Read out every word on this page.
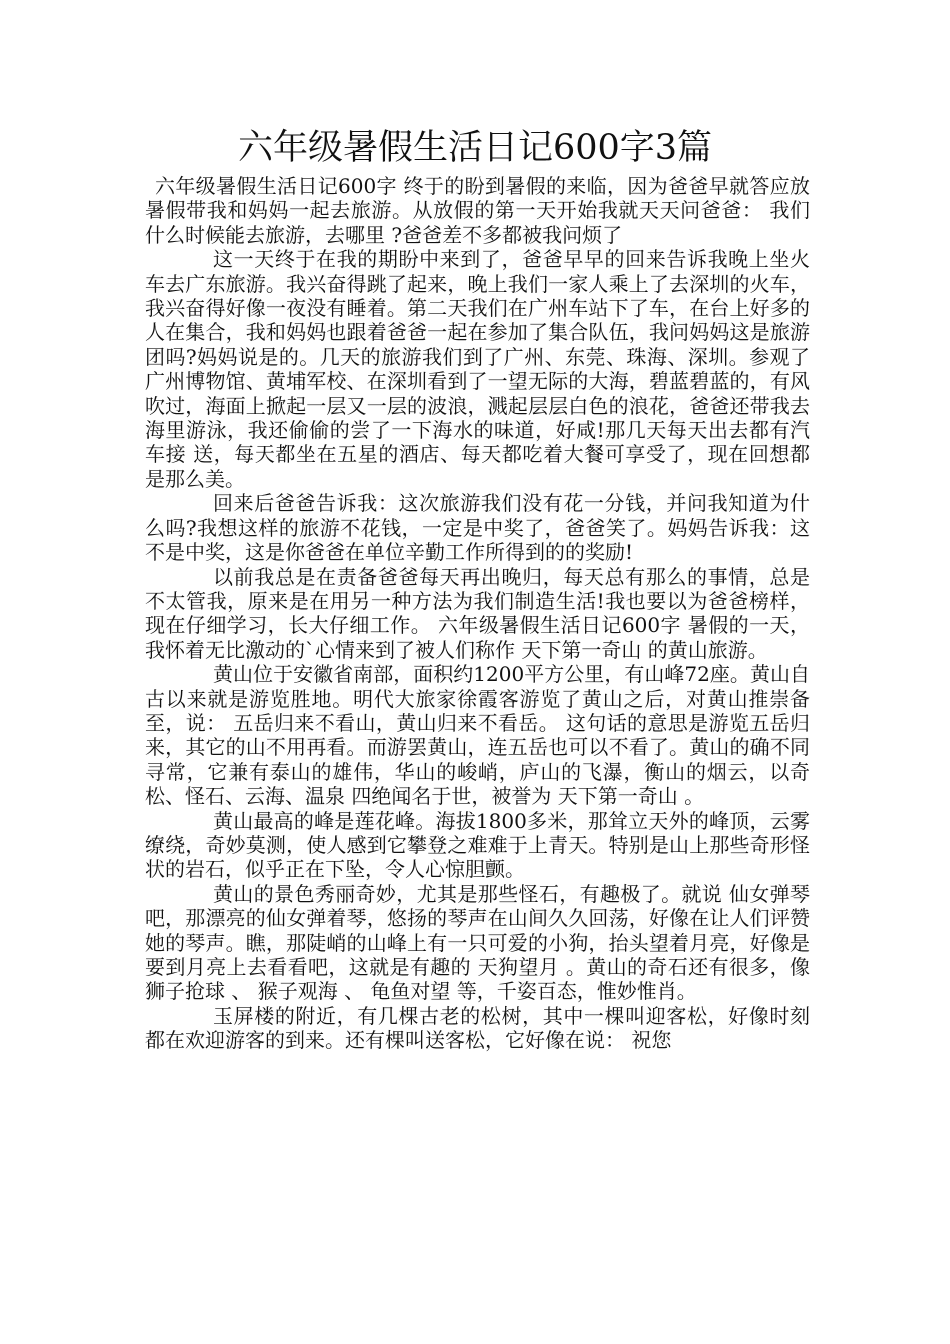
六年级暑假生活日记600字3篇

六年级暑假生活日记600字 终于的盼到暑假的来临，因为爸爸早就答应放暑假带我和妈妈一起去旅游。从放假的第一天开始我就天天问爸爸： 我们什么时候能去旅游，去哪里 ?爸爸差不多都被我问烦了

这一天终于在我的期盼中来到了，爸爸早早的回来告诉我晚上坐火车去广东旅游。我兴奋得跳了起来，晚上我们一家人乘上了去深圳的火车，我兴奋得好像一夜没有睡着。第二天我们在广州车站下了车，在台上好多的人在集合，我和妈妈也跟着爸爸一起在参加了集合队伍，我问妈妈这是旅游团吗?妈妈说是的。几天的旅游我们到了广州、东莞、珠海、深圳。参观了广州博物馆、黄埔军校、在深圳看到了一望无际的大海，碧蓝碧蓝的，有风吹过，海面上掀起一层又一层的波浪，溅起层层白色的浪花，爸爸还带我去海里游泳，我还偷偷的尝了一下海水的味道，好咸!那几天每天出去都有汽车接 送，每天都坐在五星的酒店、每天都吃着大餐可享受了，现在回想都是那么美。

回来后爸爸告诉我：这次旅游我们没有花一分钱，并问我知道为什么吗?我想这样的旅游不花钱，一定是中奖了，爸爸笑了。妈妈告诉我：这不是中奖，这是你爸爸在单位辛勤工作所得到的的奖励!

以前我总是在责备爸爸每天再出晚归，每天总有那么的事情，总是不太管我，原来是在用另一种方法为我们制造生活!我也要以为爸爸榜样，现在仔细学习，长大仔细工作。 六年级暑假生活日记600字 暑假的一天，我怀着无比激动的`心情来到了被人们称作 天下第一奇山 的黄山旅游。

黄山位于安徽省南部，面积约1200平方公里，有山峰72座。黄山自古以来就是游览胜地。明代大旅家徐霞客游览了黄山之后，对黄山推崇备至，说： 五岳归来不看山，黄山归来不看岳。 这句话的意思是游览五岳归来，其它的山不用再看。而游罢黄山，连五岳也可以不看了。黄山的确不同寻常，它兼有泰山的雄伟，华山的峻峭，庐山的飞瀑，衡山的烟云，以奇松、怪石、云海、温泉 四绝闻名于世，被誉为 天下第一奇山 。

黄山最高的峰是莲花峰。海拔1800多米，那耸立天外的峰顶，云雾缭绕，奇妙莫测，使人感到它攀登之难难于上青天。特别是山上那些奇形怪状的岩石，似乎正在下坠，令人心惊胆颤。

黄山的景色秀丽奇妙，尤其是那些怪石，有趣极了。就说 仙女弹琴 吧，那漂亮的仙女弹着琴，悠扬的琴声在山间久久回荡，好像在让人们评赞她的琴声。瞧，那陡峭的山峰上有一只可爱的小狗，抬头望着月亮，好像是要到月亮上去看看吧，这就是有趣的 天狗望月 。黄山的奇石还有很多，像 狮子抢球 、 猴子观海 、 龟鱼对望 等，千姿百态，惟妙惟肖。

玉屏楼的附近，有几棵古老的松树，其中一棵叫迎客松，好像时刻都在欢迎游客的到来。还有棵叫送客松，它好像在说： 祝您
